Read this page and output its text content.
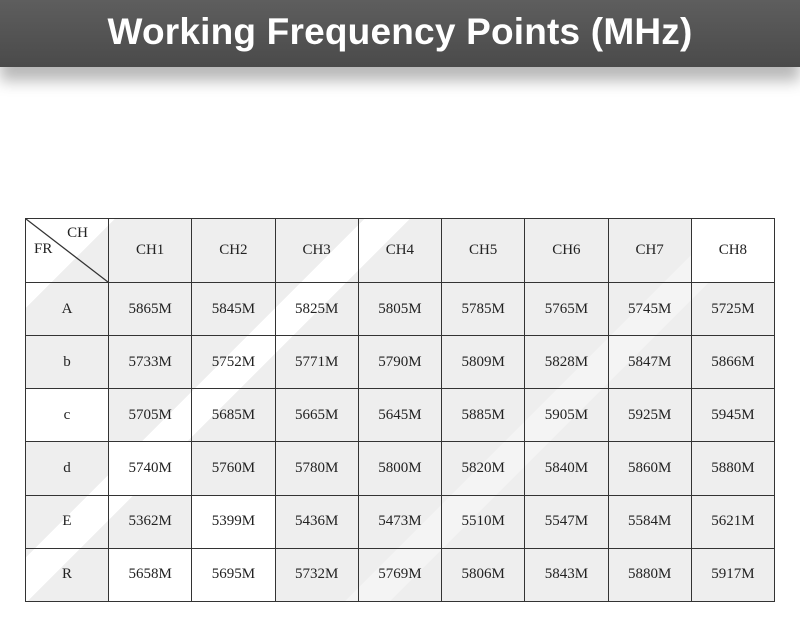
Working Frequency Points (MHz)
CH
FR	CH1	CH2	CH3	CH4	CH5	CH6	CH7	CH8
A	5865M	5845M	5825M	5805M	5785M	5765M	5745M	5725M
b	5733M	5752M	5771M	5790M	5809M	5828M	5847M	5866M
c	5705M	5685M	5665M	5645M	5885M	5905M	5925M	5945M
d	5740M	5760M	5780M	5800M	5820M	5840M	5860M	5880M
E	5362M	5399M	5436M	5473M	5510M	5547M	5584M	5621M
R	5658M	5695M	5732M	5769M	5806M	5843M	5880M	5917M
